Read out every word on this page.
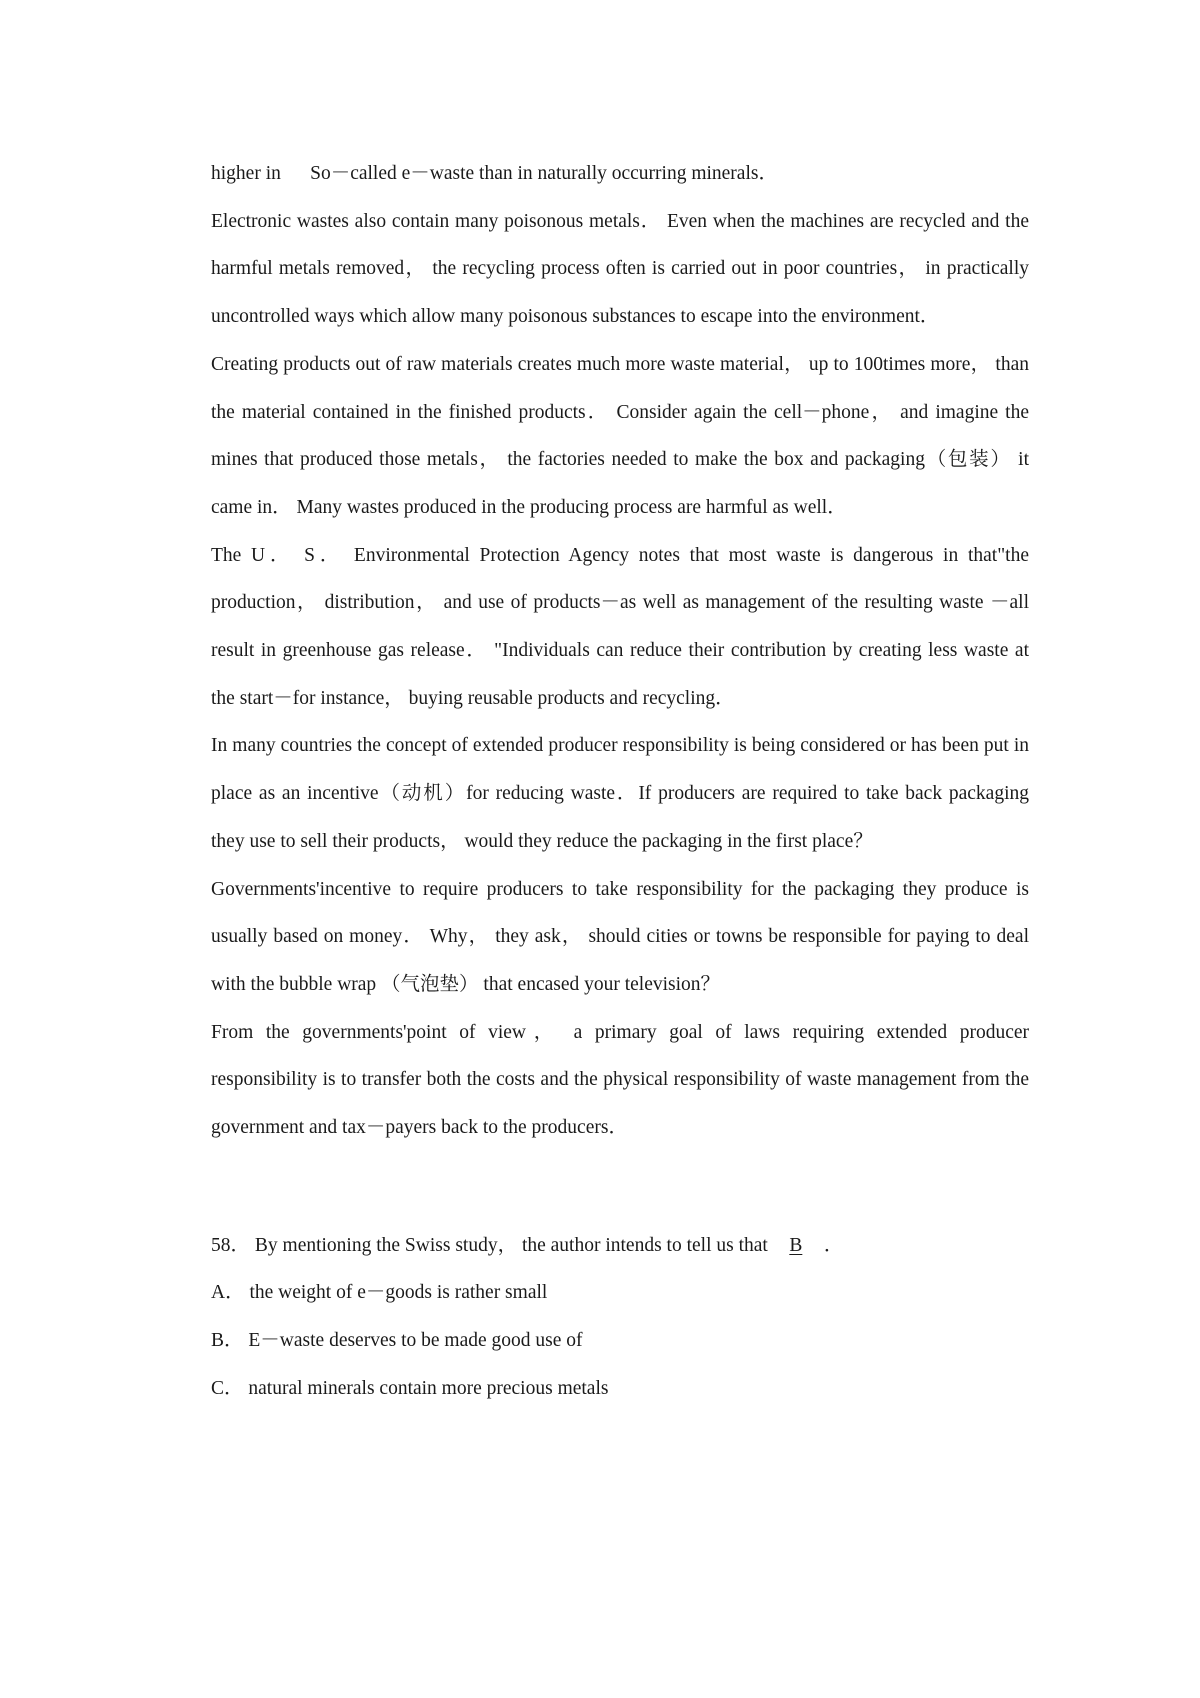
higher in      So－called e－waste than in naturally occurring minerals．

Electronic wastes also contain many poisonous metals． Even when the machines are recycled and the harmful metals removed， the recycling process often is carried out in poor countries， in practically uncontrolled ways which allow many poisonous substances to escape into the environment．

Creating products out of raw materials creates much more waste material， up to 100times more， than the material contained in the finished products． Consider again the cell－phone， and imagine the mines that produced those metals， the factories needed to make the box and packaging（包装） it came in． Many wastes produced in the producing process are harmful as well．

The U． S． Environmental Protection Agency notes that most waste is dangerous in that"the production， distribution， and use of products－as well as management of the resulting waste －all result in greenhouse gas release． "Individuals can reduce their contribution by creating less waste at the start－for instance， buying reusable products and recycling．

In many countries the concept of extended producer responsibility is being considered or has been put in place as an incentive（动机）for reducing waste．If producers are required to take back packaging they use to sell their products， would they reduce the packaging in the first place？

Governments'incentive to require producers to take responsibility for the packaging they produce is usually based on money． Why， they ask， should cities or towns be responsible for paying to deal with the bubble wrap （气泡垫） that encased your television？

From the governments'point of view， a primary goal of laws requiring extended producer responsibility is to transfer both the costs and the physical responsibility of waste management from the government and tax－payers back to the producers．

58． By mentioning the Swiss study， the author intends to tell us that B ．

A． the weight of e－goods is rather small

B． E－waste deserves to be made good use of

C． natural minerals contain more precious metals
